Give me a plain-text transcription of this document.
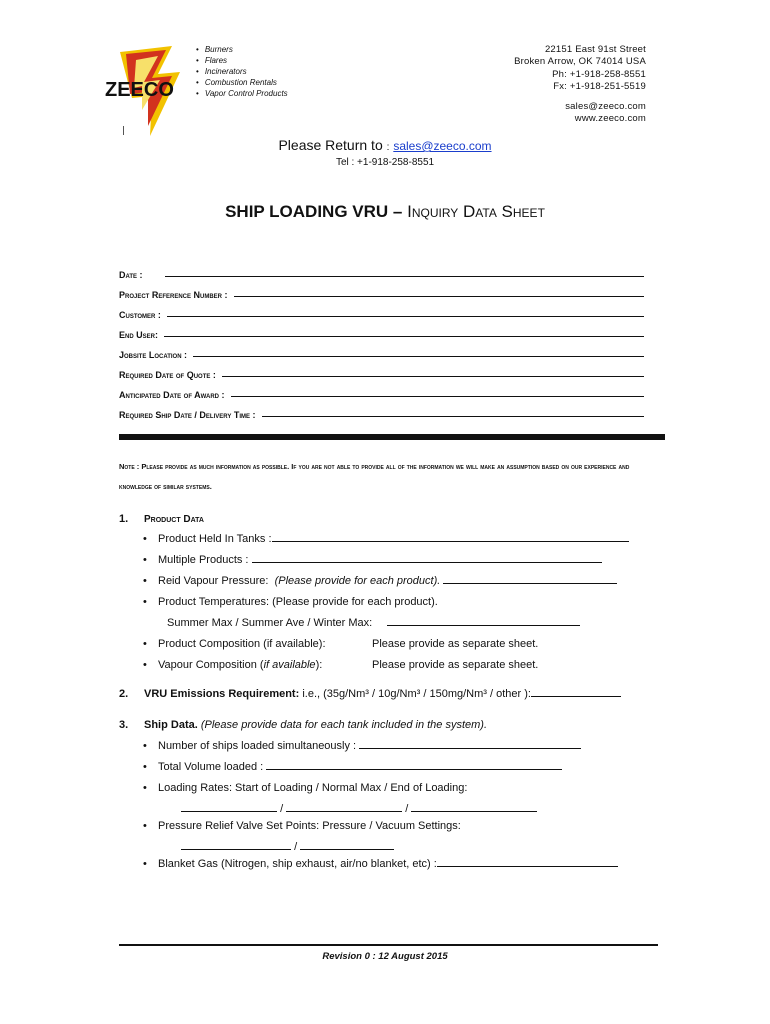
ZEECO
• Burners
• Flares
• Incinerators
• Combustion Rentals
• Vapor Control Products
22151 East 91st Street
Broken Arrow, OK 74014 USA
Ph: +1-918-258-8551
Fx: +1-918-251-5519
sales@zeeco.com
www.zeeco.com
Please Return to : sales@zeeco.com
Tel : +1-918-258-8551
SHIP LOADING VRU – Inquiry Data Sheet
Date :
Project Reference Number :
Customer :
End User:
Jobsite Location :
Required Date of Quote :
Anticipated Date of Award :
Required Ship Date / Delivery Time :
Note : Please provide as much information as possible. If you are not able to provide all of the information we will make an assumption based on our experience and knowledge of similar systems.
1. Product Data
• Product Held In Tanks :
• Multiple Products :
• Reid Vapour Pressure: (Please provide for each product).
• Product Temperatures: (Please provide for each product).
Summer Max / Summer Ave / Winter Max:
• Product Composition (if available):	Please provide as separate sheet.
• Vapour Composition (if available):	Please provide as separate sheet.
2. VRU Emissions Requirement: i.e., (35g/Nm³ / 10g/Nm³ / 150mg/Nm³ / other ):
3. Ship Data. (Please provide data for each tank included in the system).
• Number of ships loaded simultaneously :
• Total Volume loaded :
• Loading Rates: Start of Loading / Normal Max / End of Loading:
/	/
• Pressure Relief Valve Set Points: Pressure / Vacuum Settings:
/
• Blanket Gas (Nitrogen, ship exhaust, air/no blanket, etc) :
Revision 0 : 12 August 2015
